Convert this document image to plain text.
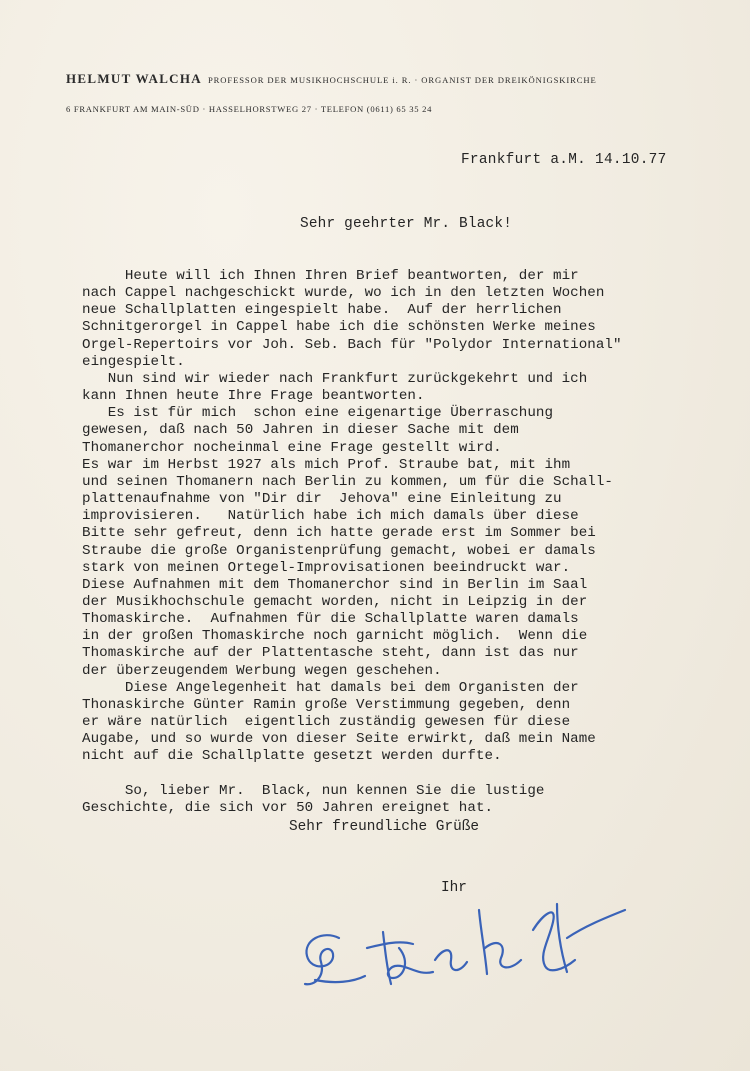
HELMUT WALCHA PROFESSOR DER MUSIKHOCHSCHULE i. R. · ORGANIST DER DREIKÖNIGSKIRCHE
6 FRANKFURT AM MAIN-SÜD · HASSELHORSTWEG 27 · TELEFON (0611) 65 35 24
Frankfurt a.M. 14.10.77
Sehr geehrter Mr. Black!
Heute will ich Ihnen Ihren Brief beantworten, der mir
nach Cappel nachgeschickt wurde, wo ich in den letzten Wochen
neue Schallplatten eingespielt habe.  Auf der herrlichen
Schnitgerorgel in Cappel habe ich die schönsten Werke meines
Orgel-Repertoirs vor Joh. Seb. Bach für "Polydor International"
eingespielt.
Nun sind wir wieder nach Frankfurt zurückgekehrt und ich
kann Ihnen heute Ihre Frage beantworten.
Es ist für mich  schon eine eigenartige Überraschung
gewesen, daß nach 50 Jahren in dieser Sache mit dem
Thomanerchor nocheinmal eine Frage gestellt wird.
Es war im Herbst 1927 als mich Prof. Straube bat, mit ihm
und seinen Thomanern nach Berlin zu kommen, um für die Schall-
plattenaufnahme von "Dir dir  Jehova" eine Einleitung zu
improvisieren.   Natürlich habe ich mich damals über diese
Bitte sehr gefreut, denn ich hatte gerade erst im Sommer bei
Straube die große Organistenprüfung gemacht, wobei er damals
stark von meinen Ortegel-Improvisationen beeindruckt war.
Diese Aufnahmen mit dem Thomanerchor sind in Berlin im Saal
der Musikhochschule gemacht worden, nicht in Leipzig in der
Thomaskirche.  Aufnahmen für die Schallplatte waren damals
in der großen Thomaskirche noch garnicht möglich.  Wenn die
Thomaskirche auf der Plattentasche steht, dann ist das nur
der überzeugendem Werbung wegen geschehen.
Diese Angelegenheit hat damals bei dem Organisten der
Thonaskirche Günter Ramin große Verstimmung gegeben, denn
er wäre natürlich  eigentlich zuständig gewesen für diese
Augabe, und so wurde von dieser Seite erwirkt, daß mein Name
nicht auf die Schallplatte gesetzt werden durfte.

So, lieber Mr.  Black, nun kennen Sie die lustige
Geschichte, die sich vor 50 Jahren ereignet hat.
Sehr freundliche Grüße
Ihr
